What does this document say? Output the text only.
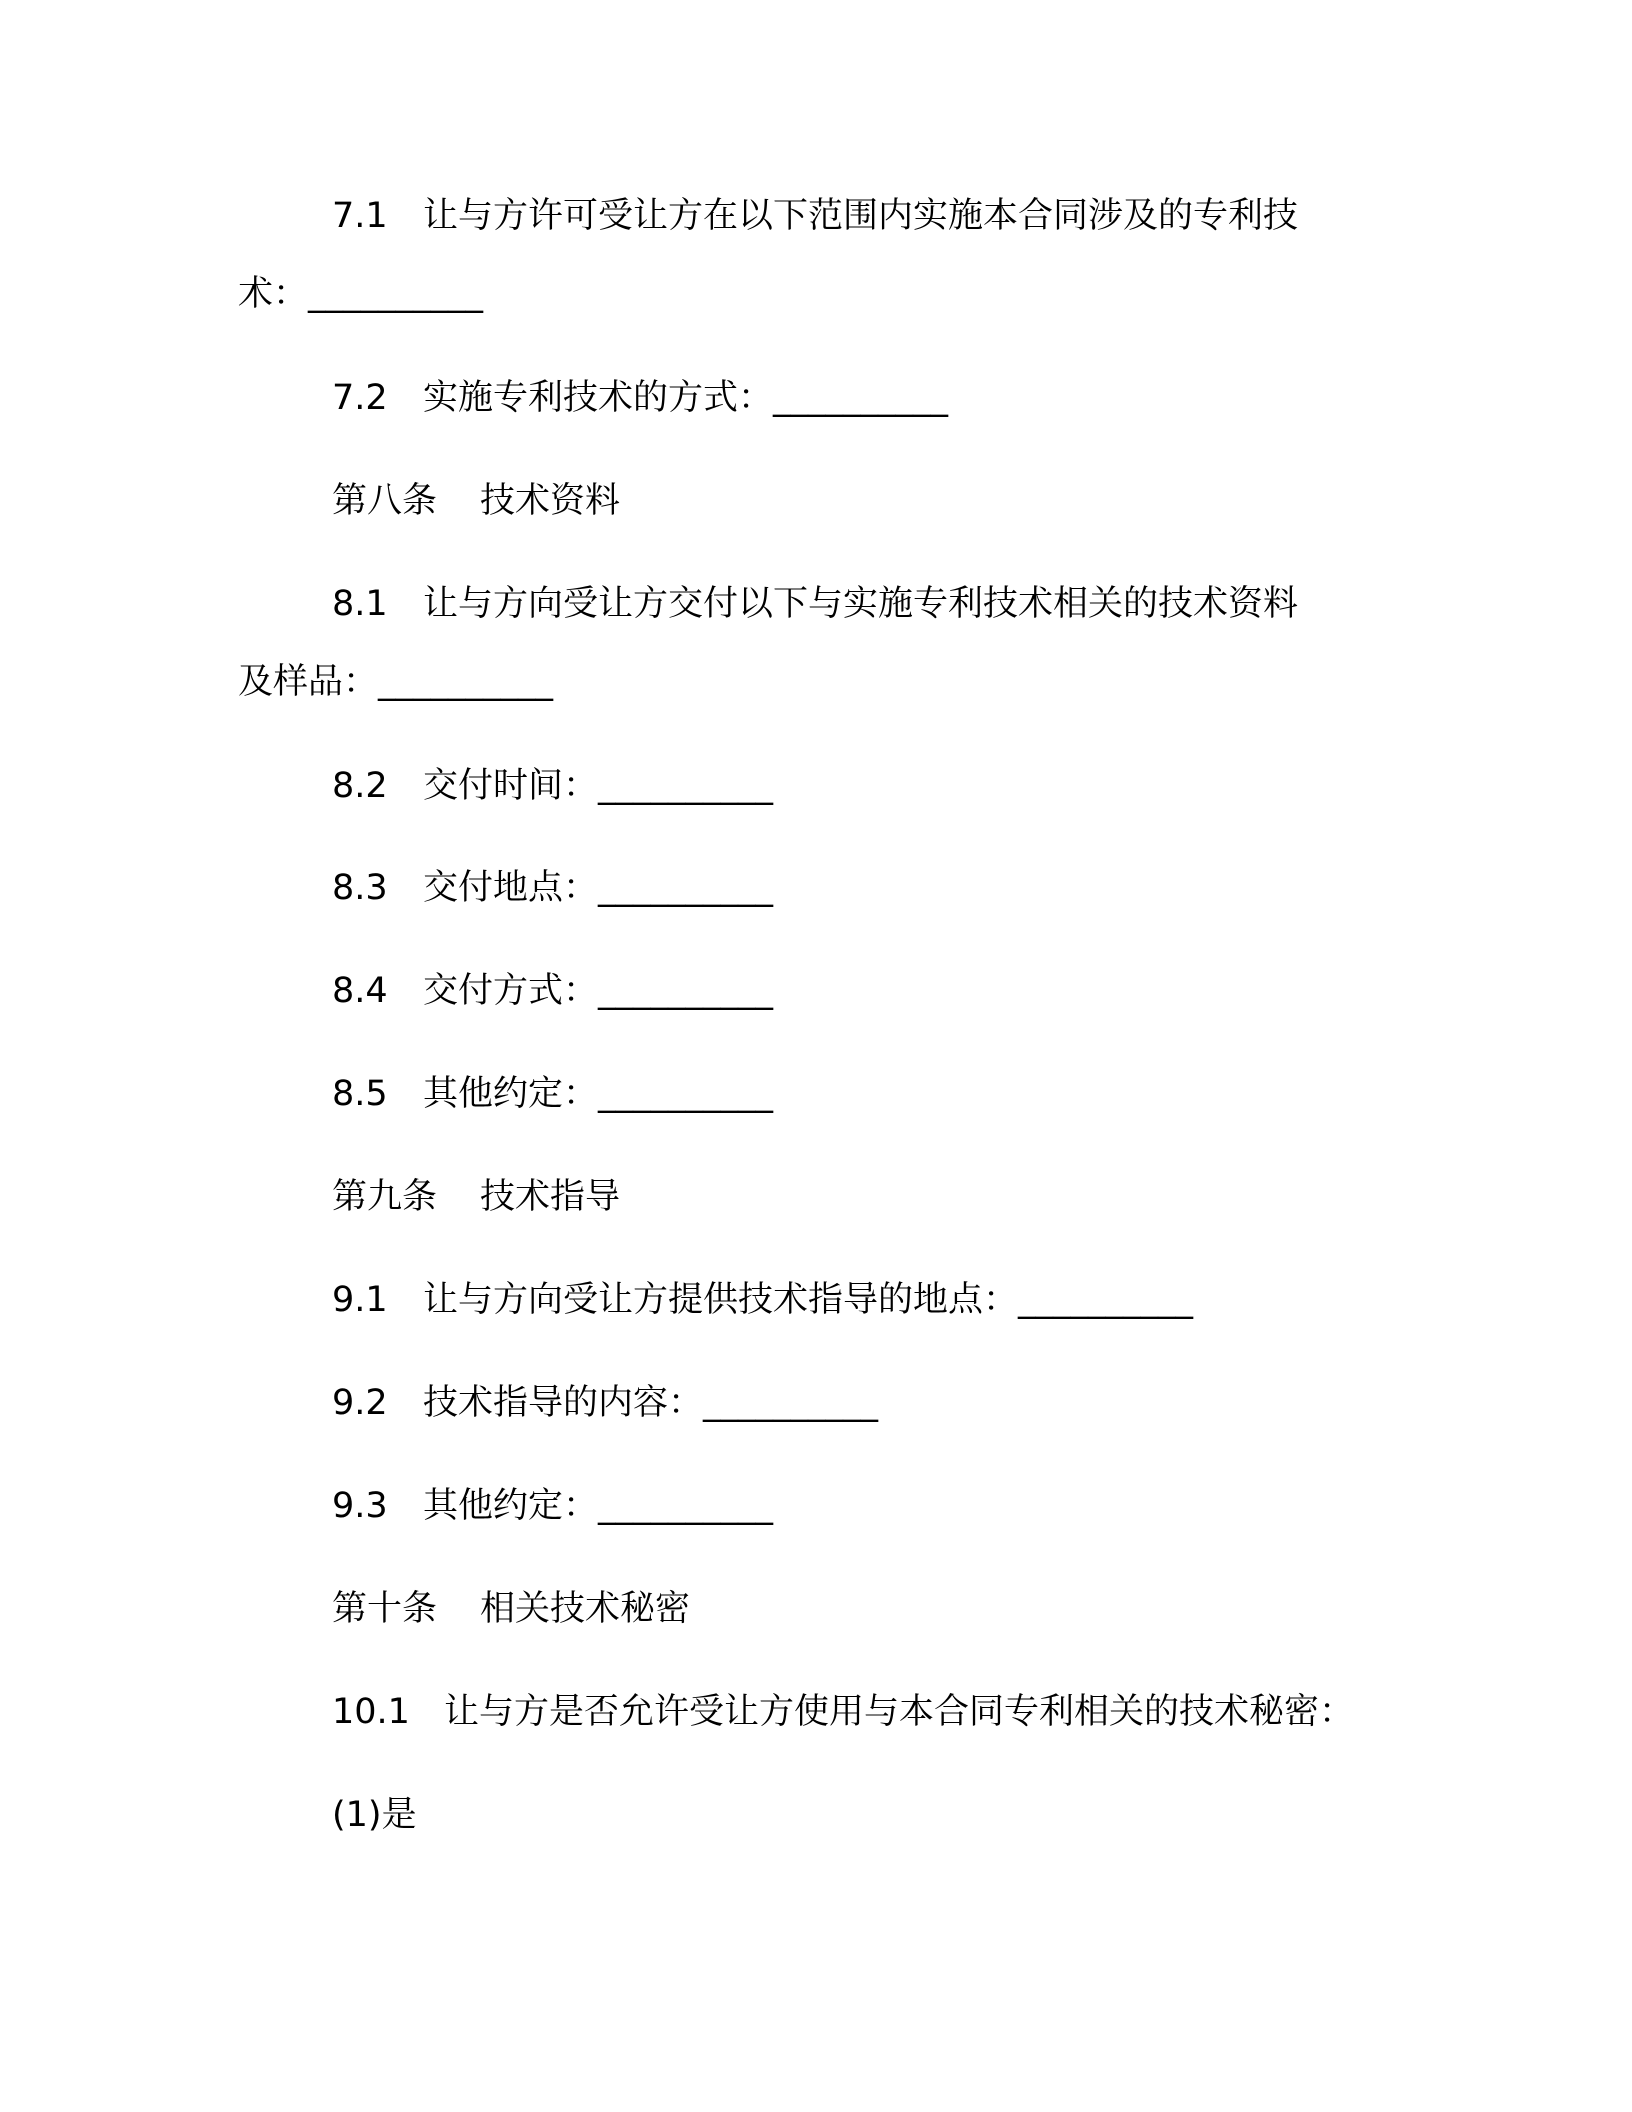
7.1 让与方许可受让方在以下范围内实施本合同涉及的专利技
术：__________
7.2 实施专利技术的方式：__________
第八条 技术资料
8.1 让与方向受让方交付以下与实施专利技术相关的技术资料
及样品：__________
8.2 交付时间：__________
8.3 交付地点：__________
8.4 交付方式：__________
8.5 其他约定：__________
第九条 技术指导
9.1 让与方向受让方提供技术指导的地点：__________
9.2 技术指导的内容：__________
9.3 其他约定：__________
第十条 相关技术秘密
10.1 让与方是否允许受让方使用与本合同专利相关的技术秘密：
(1)是
